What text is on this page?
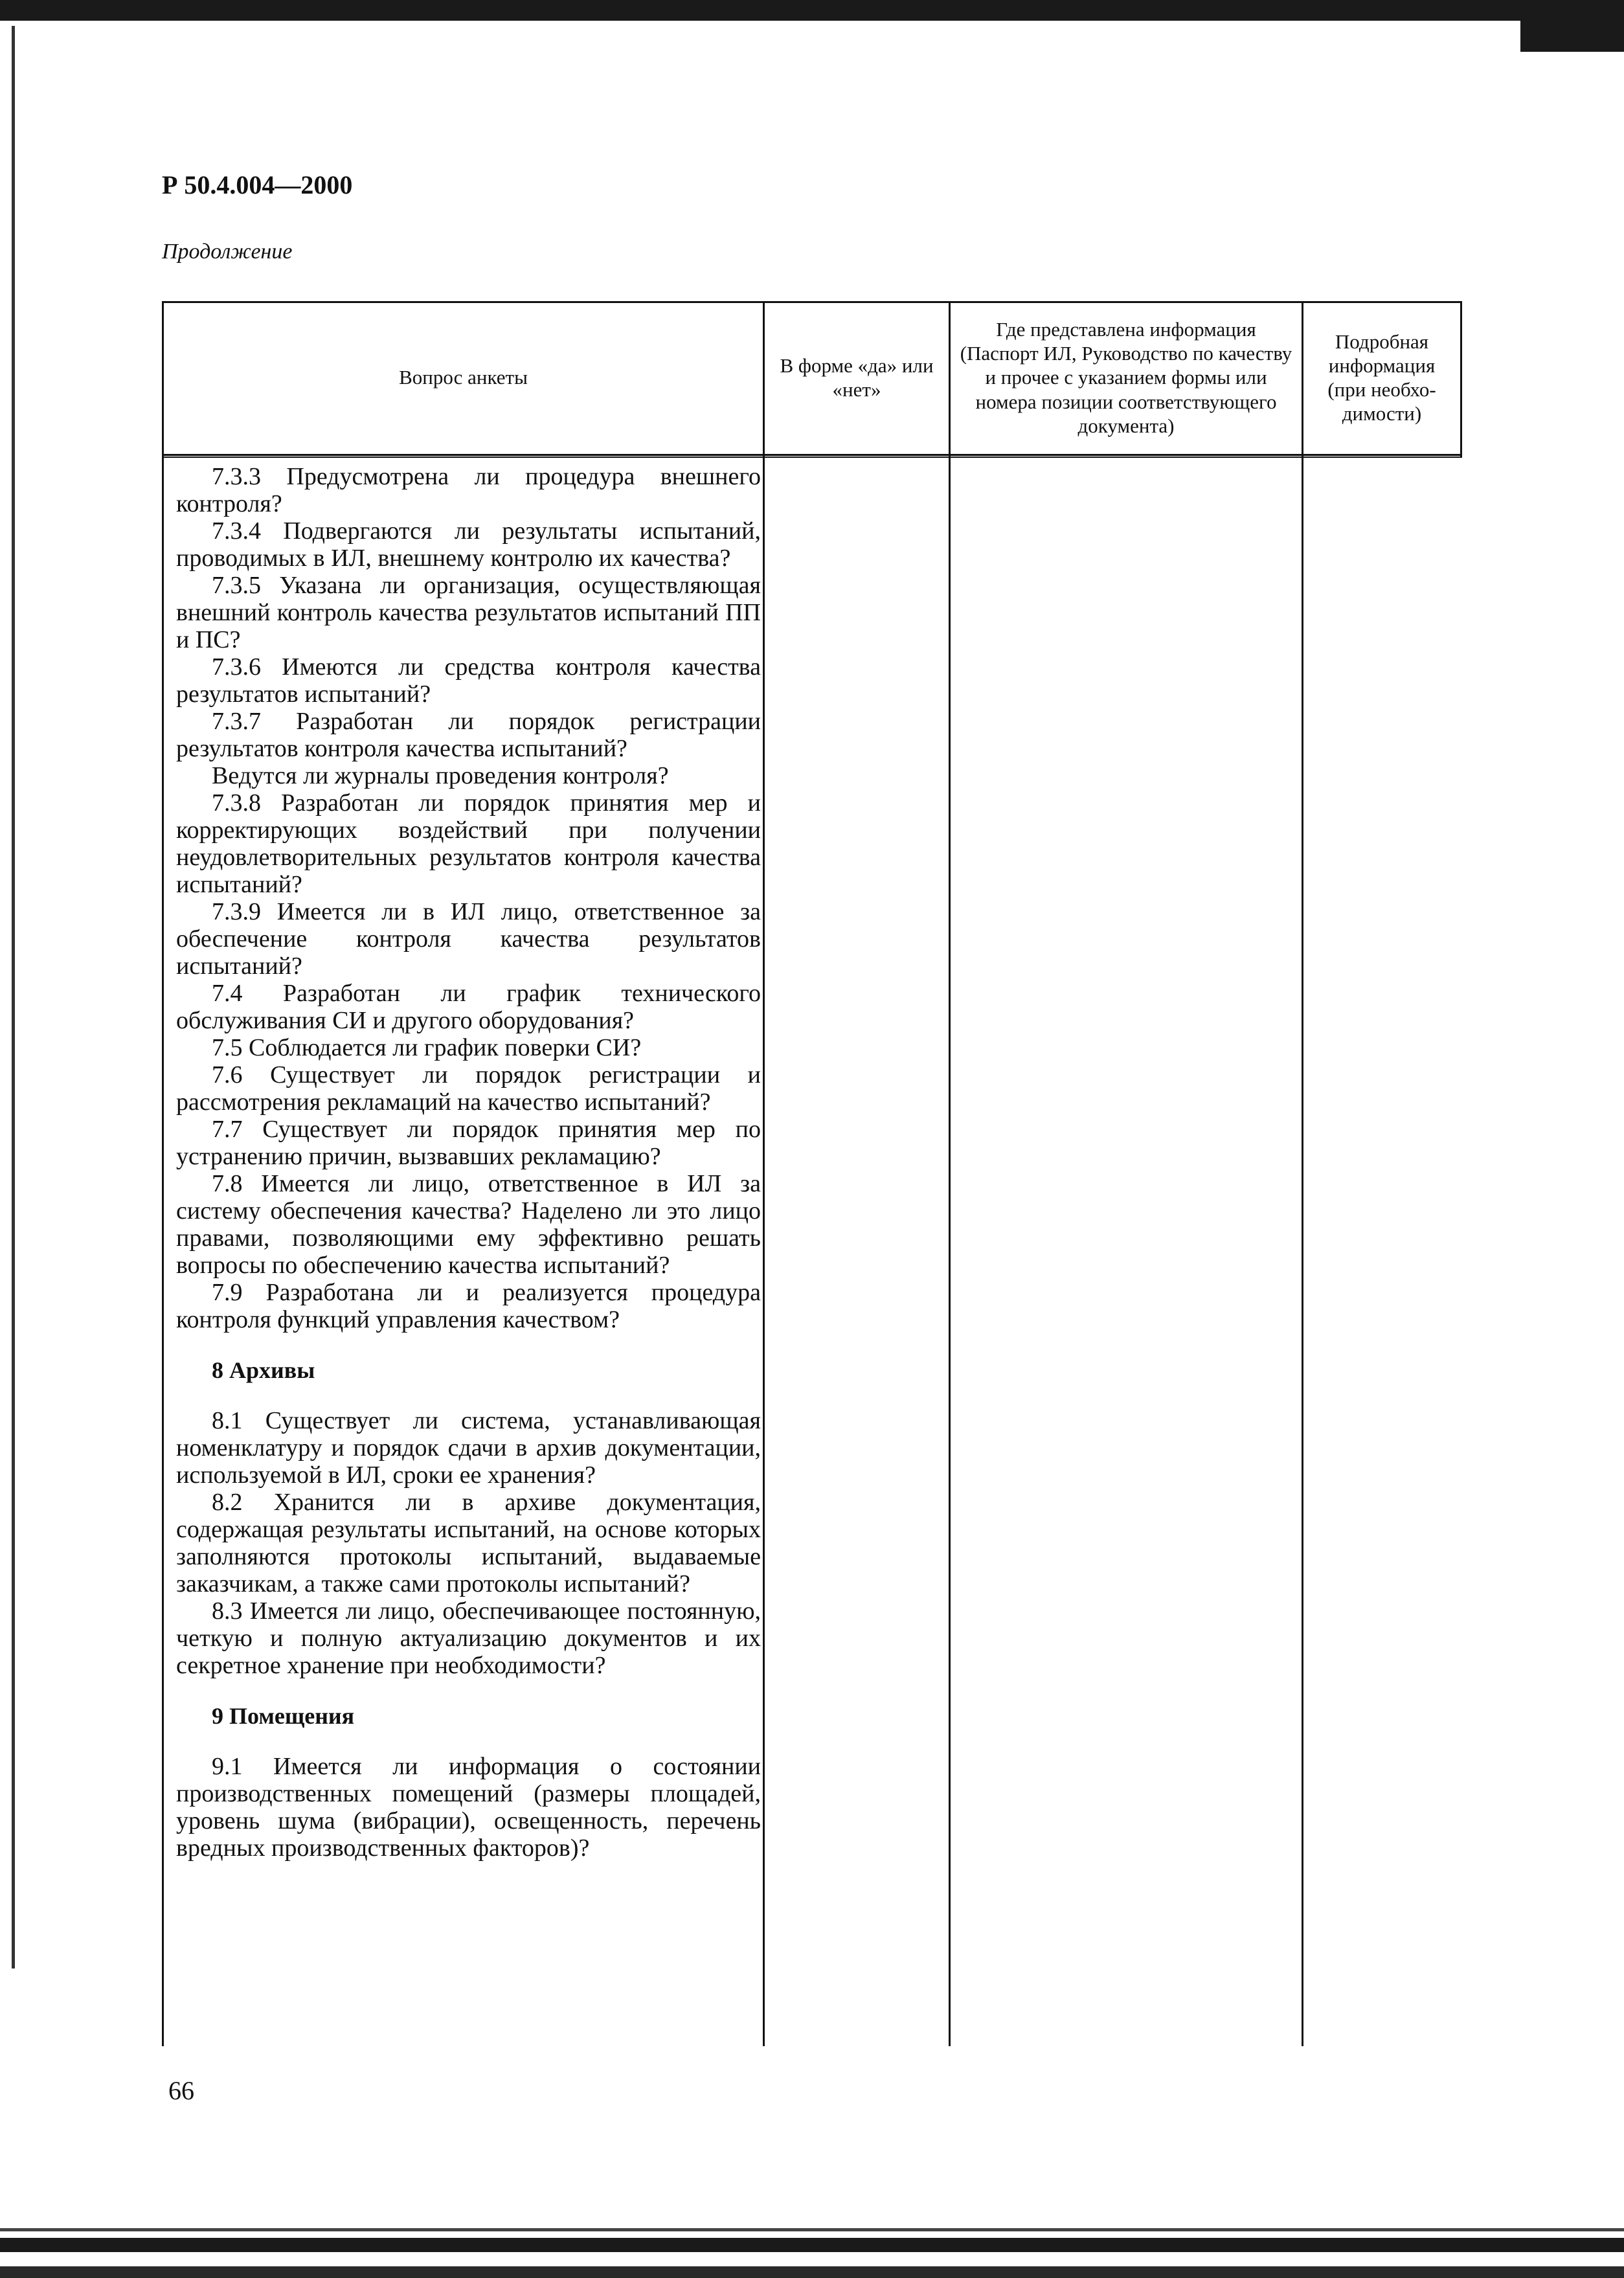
Р 50.4.004—2000
Продолжение
Вопрос анкеты
В форме «да» или «нет»
Где представлена информация (Паспорт ИЛ, Руководство по качеству и прочее с указанием формы или номера позиции соответствующего документа)
Подробная информация (при необхо- димости)

7.3.3 Предусмотрена ли процедура внешнего контроля?

7.3.4 Подвергаются ли результаты испытаний, проводимых в ИЛ, внешнему контролю их качества?

7.3.5 Указана ли организация, осуществляющая внешний контроль качества результатов испытаний ПП и ПС?

7.3.6 Имеются ли средства контроля качества результатов испытаний?

7.3.7 Разработан ли порядок регистрации результатов контроля качества испытаний?

Ведутся ли журналы проведения контроля?

7.3.8 Разработан ли порядок принятия мер и корректирующих воздействий при получении неудовлетворительных результатов контроля качества испытаний?

7.3.9 Имеется ли в ИЛ лицо, ответственное за обеспечение контроля качества результатов испытаний?

7.4 Разработан ли график технического обслуживания СИ и другого оборудования?

7.5 Соблюдается ли график поверки СИ?

7.6 Существует ли порядок регистрации и рассмотрения рекламаций на качество испытаний?

7.7 Существует ли порядок принятия мер по устранению причин, вызвавших рекламацию?

7.8 Имеется ли лицо, ответственное в ИЛ за систему обеспечения качества? Наделено ли это лицо правами, позволяющими ему эффективно решать вопросы по обеспечению качества испытаний?

7.9 Разработана ли и реализуется процедура контроля функций управления качеством?

8 Архивы

8.1 Существует ли система, устанавливающая номенклатуру и порядок сдачи в архив документации, используемой в ИЛ, сроки ее хранения?

8.2 Хранится ли в архиве документация, содержащая результаты испытаний, на основе которых заполняются протоколы испытаний, выдаваемые заказчикам, а также сами протоколы испытаний?

8.3 Имеется ли лицо, обеспечивающее постоянную, четкую и полную актуализацию документов и их секретное хранение при необходимости?

9 Помещения

9.1 Имеется ли информация о состоянии производственных помещений (размеры площадей, уровень шума (вибрации), освещенность, перечень вредных производственных факторов)?

66
